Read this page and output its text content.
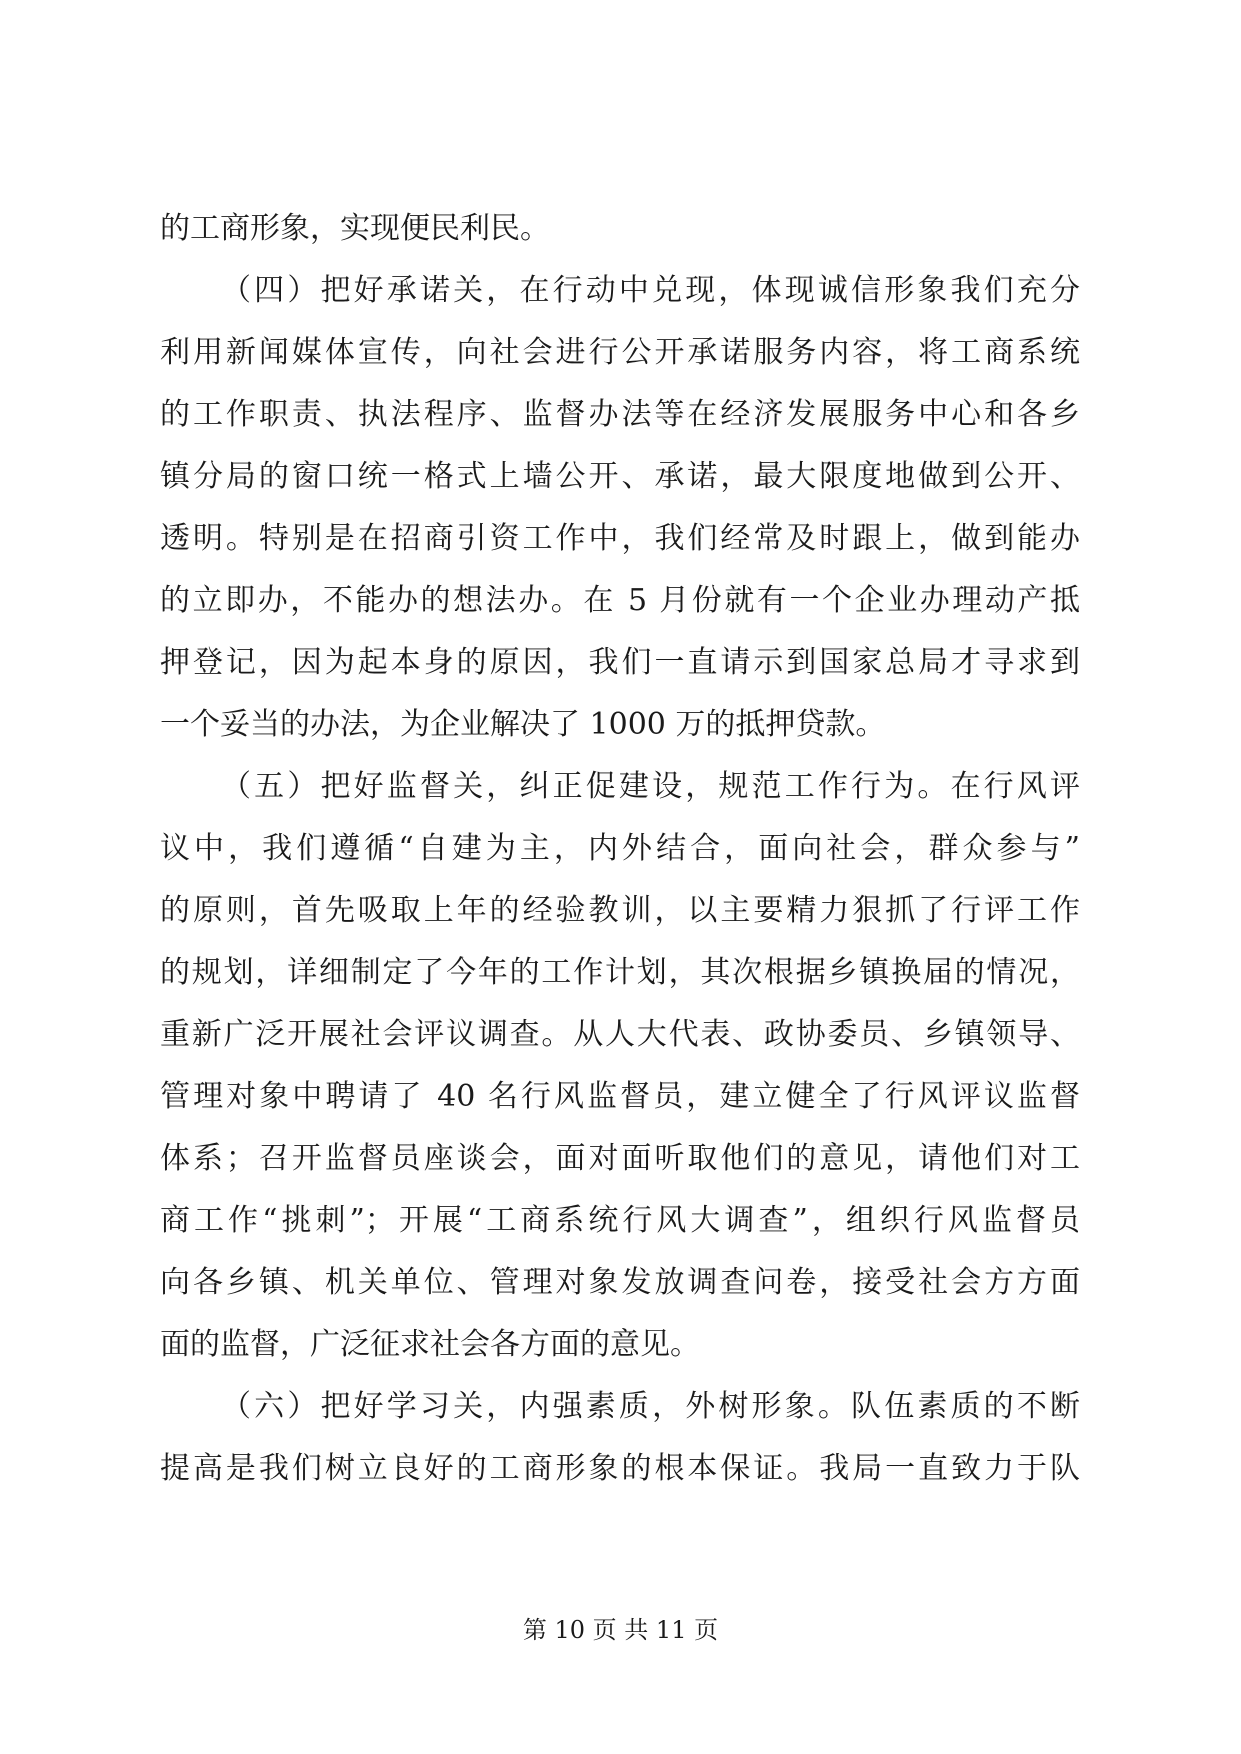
的工商形象，实现便民利民。
（四）把好承诺关，在行动中兑现，体现诚信形象我们充分
利用新闻媒体宣传，向社会进行公开承诺服务内容，将工商系统
的工作职责、执法程序、监督办法等在经济发展服务中心和各乡
镇分局的窗口统一格式上墙公开、承诺，最大限度地做到公开、
透明。特别是在招商引资工作中，我们经常及时跟上，做到能办
的立即办，不能办的想法办。在 5 月份就有一个企业办理动产抵
押登记，因为起本身的原因，我们一直请示到国家总局才寻求到
一个妥当的办法，为企业解决了 1000 万的抵押贷款。
（五）把好监督关，纠正促建设，规范工作行为。在行风评
议中，我们遵循“自建为主，内外结合，面向社会，群众参与”
的原则，首先吸取上年的经验教训，以主要精力狠抓了行评工作
的规划，详细制定了今年的工作计划，其次根据乡镇换届的情况，
重新广泛开展社会评议调查。从人大代表、政协委员、乡镇领导、
管理对象中聘请了 40 名行风监督员，建立健全了行风评议监督
体系；召开监督员座谈会，面对面听取他们的意见，请他们对工
商工作“挑刺”；开展“工商系统行风大调查”，组织行风监督员
向各乡镇、机关单位、管理对象发放调查问卷，接受社会方方面
面的监督，广泛征求社会各方面的意见。
（六）把好学习关，内强素质，外树形象。队伍素质的不断
提高是我们树立良好的工商形象的根本保证。我局一直致力于队
第 10 页 共 11 页
